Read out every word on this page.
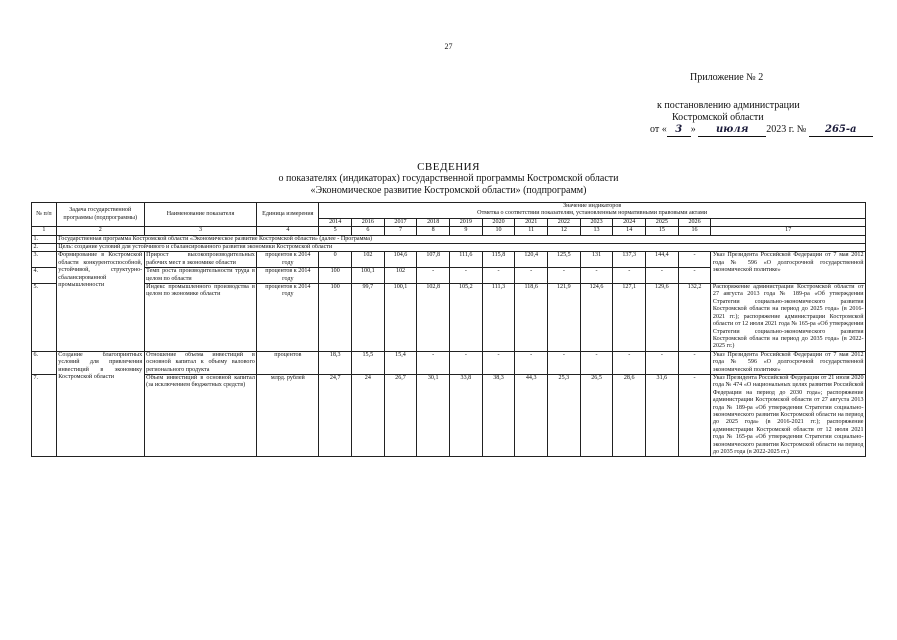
27
Приложение № 2
к постановлению администрации
Костромской области
от « 3 » июля 2023 г. № 265-а
СВЕДЕНИЯ
о показателях (индикаторах) государственной программы Костромской области
«Экономическое развитие Костромской области» (подпрограмм)
№ п/п	Задача государственной программы (подпрограммы)	Наименование показателя	Единица измерения	Значение индикаторов												
				Отметка о соответствии показателям, установленным нормативными правовыми актами												
				2014	2016	2017	2018	2019	2020	2021	2022	2023	2024	2025	2026	
1	2	3	4	5	6	7	8	9	10	11	12	13	14	15	16	17
1.	Государственная программа Костромской области «Экономическое развитие Костромской области» (далее - Программа)															
2.	Цель: создание условий для устойчивого и сбалансированного развития экономики Костромской области															
3.	Формирование в Костромской области конкурентоспособной, устойчивой, структурно-сбалансированной промышленности	Прирост высокопроизводительных рабочих мест в экономике области	процентов к 2014 году	0	102	104,6	107,8	111,6	115,8	120,4	125,5	131	137,3	144,4	-	Указ Президента Российской Федерации от 7 мая 2012 года № 596 «О долгосрочной государственной экономической политике»
4.		Темп роста производительности труда в целом по области	процентов к 2014 году	100	100,1	102	-	-	-	-	-	-	-	-	-	
5.		Индекс промышленного производства в целом по экономике области	процентов к 2014 году	100	99,7	100,1	102,8	105,2	111,3	118,6	121,9	124,6	127,1	129,6	132,2	Распоряжение администрации Костромской области от 27 августа 2013 года № 189-ра «Об утверждении Стратегии социально-экономического развития Костромской области на период до 2025 года» (в 2016-2021 гг.); распоряжение администрации Костромской области от 12 июля 2021 года № 165-ра «Об утверждении Стратегии социально-экономического развития Костромской области на период до 2035 года» (в 2022-2025 гг.)
6.	Создание благоприятных условий для привлечения инвестиций в экономику Костромской области	Отношение объема инвестиций в основной капитал к объему валового регионального продукта	процентов	18,3	15,5	15,4	-	-	-	-	-	-	-	-	-	Указ Президента Российской Федерации от 7 мая 2012 года № 596 «О долгосрочной государственной экономической политике»
7.		Объем инвестиций в основной капитал (за исключением бюджетных средств)	млрд. рублей	24,7	24	26,7	30,1	33,8	38,3	44,3	25,3	26,5	28,6	31,6	-	Указ Президента Российской Федерации от 21 июля 2020 года № 474 «О национальных целях развития Российской Федерации на период до 2030 года»; распоряжение администрации Костромской области от 27 августа 2013 года № 189-ра «Об утверждении Стратегии социально-экономического развития Костромской области на период до 2025 года» (в 2016-2021 гг.); распоряжение администрации Костромской области от 12 июля 2021 года № 165-ра «Об утверждении Стратегии социально-экономического развития Костромской области на период до 2035 года (в 2022-2025 гг.)
